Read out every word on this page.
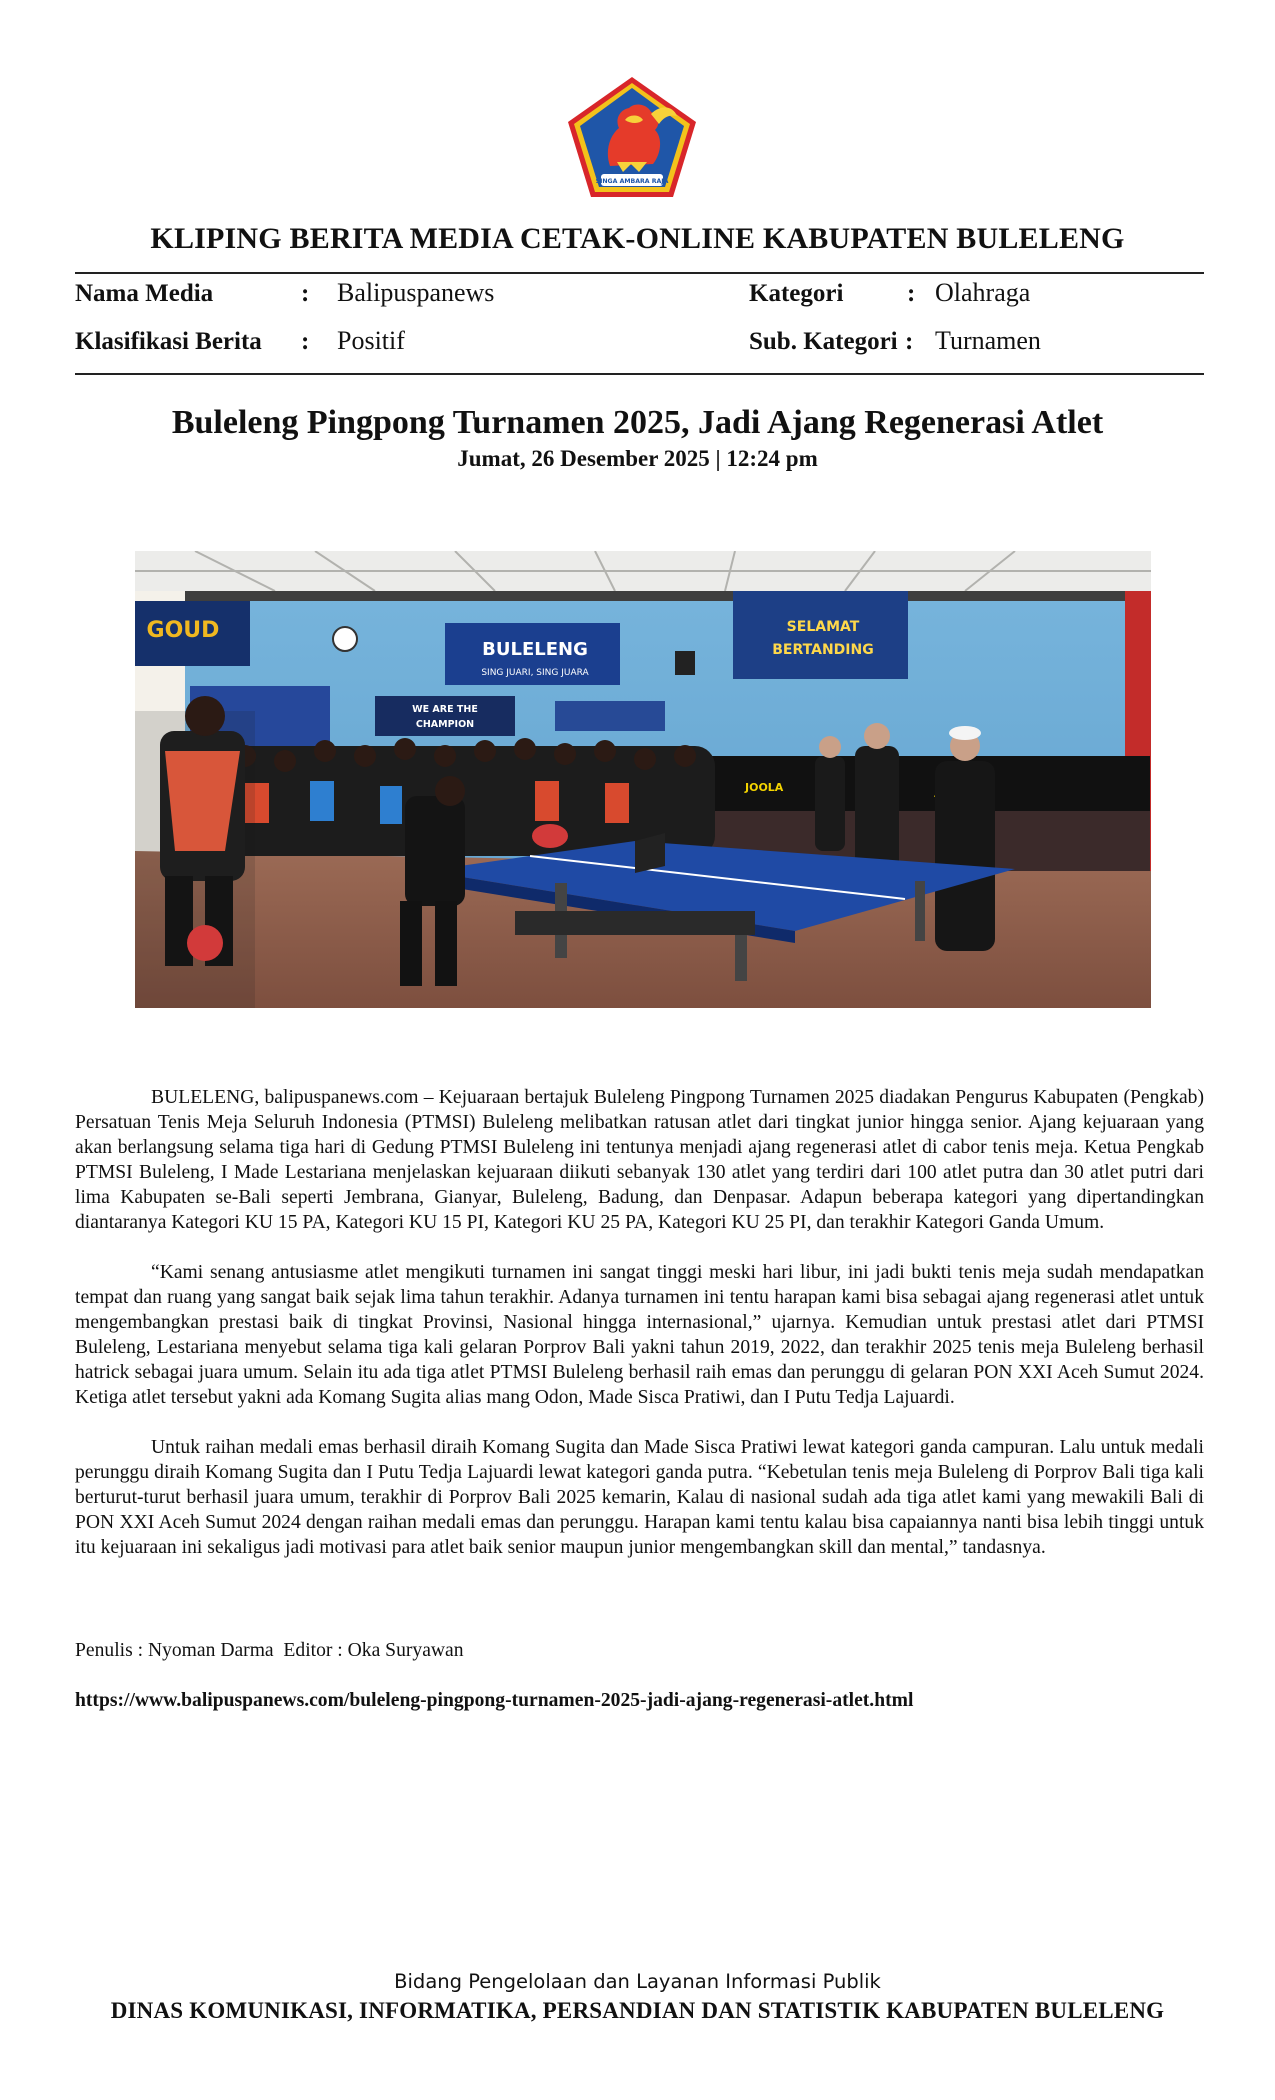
SINGA AMBARA RAJA
KLIPING BERITA MEDIA CETAK-ONLINE KABUPATEN BULELENG
Nama Media	: Balipuspanews	Kategori	: Olahraga
Klasifikasi Berita : Positif	Sub. Kategori : Turnamen
Buleleng Pingpong Turnamen 2025, Jadi Ajang Regenerasi Atlet
Jumat, 26 Desember 2025 | 12:24 pm
GOUD
BULELENG
SING JUARI, SING JUARA
SELAMAT
BERTANDING
WE ARE THE
CHAMPION
JOOLA

BULELENG, balipuspanews.com – Kejuaraan bertajuk Buleleng Pingpong Turnamen 2025 diadakan Pengurus Kabupaten (Pengkab) Persatuan Tenis Meja Seluruh Indonesia (PTMSI) Buleleng melibatkan ratusan atlet dari tingkat junior hingga senior. Ajang kejuaraan yang akan berlangsung selama tiga hari di Gedung PTMSI Buleleng ini tentunya menjadi ajang regenerasi atlet di cabor tenis meja. Ketua Pengkab PTMSI Buleleng, I Made Lestariana menjelaskan kejuaraan diikuti sebanyak 130 atlet yang terdiri dari 100 atlet putra dan 30 atlet putri dari lima Kabupaten se-Bali seperti Jembrana, Gianyar, Buleleng, Badung, dan Denpasar. Adapun beberapa kategori yang dipertandingkan diantaranya Kategori KU 15 PA, Kategori KU 15 PI, Kategori KU 25 PA, Kategori KU 25 PI, dan terakhir Kategori Ganda Umum.

“Kami senang antusiasme atlet mengikuti turnamen ini sangat tinggi meski hari libur, ini jadi bukti tenis meja sudah mendapatkan tempat dan ruang yang sangat baik sejak lima tahun terakhir. Adanya turnamen ini tentu harapan kami bisa sebagai ajang regenerasi atlet untuk mengembangkan prestasi baik di tingkat Provinsi, Nasional hingga internasional,” ujarnya. Kemudian untuk prestasi atlet dari PTMSI Buleleng, Lestariana menyebut selama tiga kali gelaran Porprov Bali yakni tahun 2019, 2022, dan terakhir 2025 tenis meja Buleleng berhasil hatrick sebagai juara umum. Selain itu ada tiga atlet PTMSI Buleleng berhasil raih emas dan perunggu di gelaran PON XXI Aceh Sumut 2024. Ketiga atlet tersebut yakni ada Komang Sugita alias mang Odon, Made Sisca Pratiwi, dan I Putu Tedja Lajuardi.

Untuk raihan medali emas berhasil diraih Komang Sugita dan Made Sisca Pratiwi lewat kategori ganda campuran. Lalu untuk medali perunggu diraih Komang Sugita dan I Putu Tedja Lajuardi lewat kategori ganda putra. “Kebetulan tenis meja Buleleng di Porprov Bali tiga kali berturut-turut berhasil juara umum, terakhir di Porprov Bali 2025 kemarin, Kalau di nasional sudah ada tiga atlet kami yang mewakili Bali di PON XXI Aceh Sumut 2024 dengan raihan medali emas dan perunggu. Harapan kami tentu kalau bisa capaiannya nanti bisa lebih tinggi untuk itu kejuaraan ini sekaligus jadi motivasi para atlet baik senior maupun junior mengembangkan skill dan mental,” tandasnya.

Penulis : Nyoman Darma  Editor : Oka Suryawan
https://www.balipuspanews.com/buleleng-pingpong-turnamen-2025-jadi-ajang-regenerasi-atlet.html
Bidang Pengelolaan dan Layanan Informasi Publik
DINAS KOMUNIKASI, INFORMATIKA, PERSANDIAN DAN STATISTIK KABUPATEN BULELENG
